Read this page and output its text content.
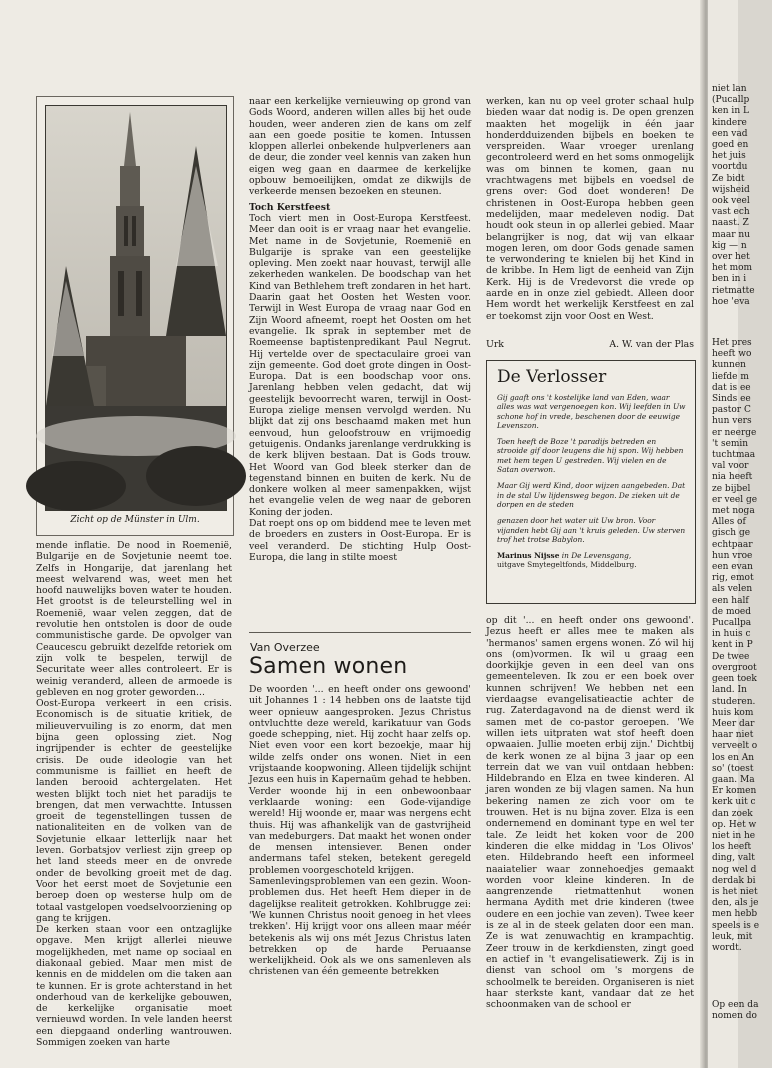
Zicht op de Münster in Ulm.

mende inflatie. De nood in Roemenië, Bulgarije en de Sovjetunie neemt toe. Zelfs in Hongarije, dat jarenlang het meest welvarend was, weet men het hoofd nauwelijks boven water te houden. Het grootst is de teleurstelling wel in Roemenië, waar velen zeggen, dat de revolutie hen ontstolen is door de oude communistische garde. De opvolger van Ceaucescu gebruikt dezelfde retoriek om zijn volk te bespelen, terwijl de Securitate weer alles controleert. Er is weinig veranderd, alleen de armoede is gebleven en nog groter geworden...

Oost-Europa verkeert in een crisis. Economisch is de situatie kritiek, de milieuvervuiling is zo enorm, dat men bijna geen oplossing ziet. Nog ingrijpender is echter de geestelijke crisis. De oude ideologie van het communisme is failliet en heeft de landen berooid achtergelaten. Het westen blijkt toch niet het paradijs te brengen, dat men verwachtte. Intussen groeit de tegenstellingen tussen de nationaliteiten en de volken van de Sovjetunie elkaar letterlijk naar het leven. Gorbatsjov verliest zijn greep op het land steeds meer en de onvrede onder de bevolking groeit met de dag. Voor het eerst moet de Sovjetunie een beroep doen op westerse hulp om de totaal vastgelopen voedselvoorziening op gang te krijgen.

De kerken staan voor een ontzaglijke opgave. Men krijgt allerlei nieuwe mogelijkheden, met name op sociaal en diakonaal gebied. Maar men mist de kennis en de middelen om die taken aan te kunnen. Er is grote achterstand in het onderhoud van de kerkelijke gebouwen, de kerkelijke organisatie moet vernieuwd worden. In vele landen heerst een diepgaand onderling wantrouwen. Sommigen zoeken van harte

naar een kerkelijke vernieuwing op grond van Gods Woord, anderen willen alles bij het oude houden, weer anderen zien de kans om zelf aan een goede positie te komen. Intussen kloppen allerlei onbekende hulpverleners aan de deur, die zonder veel kennis van zaken hun eigen weg gaan en daarmee de kerkelijke opbouw bemoeilijken, omdat ze dikwijls de verkeerde mensen bezoeken en steunen.

Toch Kerstfeest

Toch viert men in Oost-Europa Kerstfeest. Meer dan ooit is er vraag naar het evangelie. Met name in de Sovjetunie, Roemenië en Bulgarije is sprake van een geestelijke opleving. Men zoekt naar houvast, terwijl alle zekerheden wankelen. De boodschap van het Kind van Bethlehem treft zondaren in het hart. Daarin gaat het Oosten het Westen voor. Terwijl in West Europa de vraag naar God en Zijn Woord afneemt, roept het Oosten om het evangelie. Ik sprak in september met de Roemeense baptistenpredikant Paul Negrut. Hij vertelde over de spectaculaire groei van zijn gemeente. God doet grote dingen in Oost-Europa. Dat is een boodschap voor ons. Jarenlang hebben velen gedacht, dat wij geestelijk bevoorrecht waren, terwijl in Oost-Europa zielige mensen vervolgd werden. Nu blijkt dat zij ons beschaamd maken met hun eenvoud, hun geloofstrouw en vrijmoedig getuigenis. Ondanks jarenlange verdrukking is de kerk blijven bestaan. Dat is Gods trouw. Het Woord van God bleek sterker dan de tegenstand binnen en buiten de kerk. Nu de donkere wolken al meer samenpakken, wijst het evangelie velen de weg naar de geboren Koning der joden.

Dat roept ons op om biddend mee te leven met de broeders en zusters in Oost-Europa. Er is veel veranderd. De stichting Hulp Oost-Europa, die lang in stilte moest

werken, kan nu op veel groter schaal hulp bieden waar dat nodig is. De open grenzen maakten het mogelijk in één jaar honderdduizenden bijbels en boeken te verspreiden. Waar vroeger urenlang gecontroleerd werd en het soms onmogelijk was om binnen te komen, gaan nu vrachtwagens met bijbels en voedsel de grens over: God doet wonderen! De christenen in Oost-Europa hebben geen medelijden, maar medeleven nodig. Dat houdt ook steun in op allerlei gebied. Maar belangrijker is nog, dat wij van elkaar mogen leren, om door Gods genade samen te verwondering te knielen bij het Kind in de kribbe. In Hem ligt de eenheid van Zijn Kerk. Hij is de Vredevorst die vrede op aarde en in onze ziel gebiedt. Alleen door Hem wordt het werkelijk Kerstfeest en zal er toekomst zijn voor Oost en West.

Urk	A. W. van der Plas
De Verlosser
Gij gaaft ons 't kostelijke land van Eden, waar alles was wat vergenoegen kon. Wij leefden in Uw schone hof in vrede, beschenen door de eeuwige Levenszon.
Toen heeft de Boze 't paradijs betreden en strooide gif door leugens die hij spon. Wij hebben met hem tegen U gestreden. Wij vielen en de Satan overwon.
Maar Gij werd Kind, door wijzen aangebeden. Dat in de stal Uw lijdensweg begon. De zieken uit de dorpen en de steden
genazen door het water uit Uw bron. Voor vijanden hebt Gij aan 't kruis geleden. Uw sterven trof het trotse Babylon.
Marinus Nijsse in De Levensgang,
uitgave Smytegeltfonds, Middelburg.
Van Overzee
Samen wonen

De woorden '... en heeft onder ons gewoond' uit Johannes 1 : 14 hebben ons de laatste tijd weer opnieuw aangesproken. Jezus Christus ontvluchtte deze wereld, karikatuur van Gods goede schepping, niet. Hij zocht haar zelfs op. Niet even voor een kort bezoekje, maar hij wilde zelfs onder ons wonen. Niet in een vrijstaande koopwoning. Alleen tijdelijk schijnt Jezus een huis in Kapernaüm gehad te hebben. Verder woonde hij in een onbewoonbaar verklaarde woning: een Gode-vijandige wereld! Hij woonde er, maar was nergens echt thuis. Hij was afhankelijk van de gastvrijheid van medeburgers. Dat maakt het wonen onder de mensen intensiever. Benen onder andermans tafel steken, betekent geregeld problemen voorgeschoteld krijgen.

Samenlevingsproblemen van een gezin. Woon-problemen dus. Het heeft Hem dieper in de dagelijkse realiteit getrokken. Kohlbrugge zei: 'We kunnen Christus nooit genoeg in het vlees trekken'. Hij krijgt voor ons alleen maar méér betekenis als wij ons mét Jezus Christus laten betrekken op de harde Peruaanse werkelijkheid. Ook als we ons samenleven als christenen van één gemeente betrekken

op dit '... en heeft onder ons gewoond'. Jezus heeft er alles mee te maken als 'hermanos' samen ergens wonen. Zó wil hij ons (om)vormen. Ik wil u graag een doorkijkje geven in een deel van ons gemeenteleven. Ik zou er een boek over kunnen schrijven! We hebben net een vierdaagse evangelisatieactie achter de rug. Zaterdagavond na de dienst werd ik samen met de co-pastor geroepen. 'We willen iets uitpraten wat stof heeft doen opwaaien. Jullie moeten erbij zijn.' Dichtbij de kerk wonen ze al bijna 3 jaar op een terrein dat we van vuil ontdaan hebben: Hildebrando en Elza en twee kinderen. Al jaren wonden ze bij vlagen samen. Na hun bekering namen ze zich voor om te trouwen. Het is nu bijna zover. Elza is een ondernemend en dominant type en wel ter tale. Ze leidt het koken voor de 200 kinderen die elke middag in 'Los Olivos' eten. Hildebrando heeft een informeel naaiatelier waar zonnehoedjes gemaakt worden voor kleine kinderen. In de aangrenzende rietmattenhut wonen hermana Aydith met drie kinderen (twee oudere en een jochie van zeven). Twee keer is ze al in de steek gelaten door een man. Ze is wat zenuwachtig en krampachtig. Zeer trouw in de kerkdiensten, zingt goed en actief in 't evangelisatiewerk. Zij is in dienst van school om 's morgens de schoolmelk te bereiden. Organiseren is niet haar sterkste kant, vandaar dat ze het schoonmaken van de school er

niet lan
(Pucallp
ken in L
kindere
een vad
goed en
het juis
voortdu
Ze bidt
wijsheid
ook veel
vast ech
naast. Z
maar nu
kig — n
over het
het mom
ben in i
rietmatte
hoe 'eva
Het pres
heeft wo
kunnen
liefde m
dat is ee
Sinds ee
pastor C
hun vers
er neerge
't semin
tuchtmaa
val voor
nia heeft
ze bijbel
er veel ge
met noga
Alles of
gisch ge
echtpaar
hun vroe
een evan
rig, emot
als velen
een half
de moed
Pucallpa
in huis c
kent in P
De twee
overgroot
geen toek
land. In
studeren.
huis kom
Meer dar
haar niet
verveelt o
los en An
so' (toest
gaan. Ma
Er komen
kerk uit c
dan zoek
op. Het w
niet in he
los heeft
ding, valt
nog wel d
derdak bi
is het niet
den, als je
men hebb
speels is e
leuk, mit
wordt.
Op een da
nomen do
